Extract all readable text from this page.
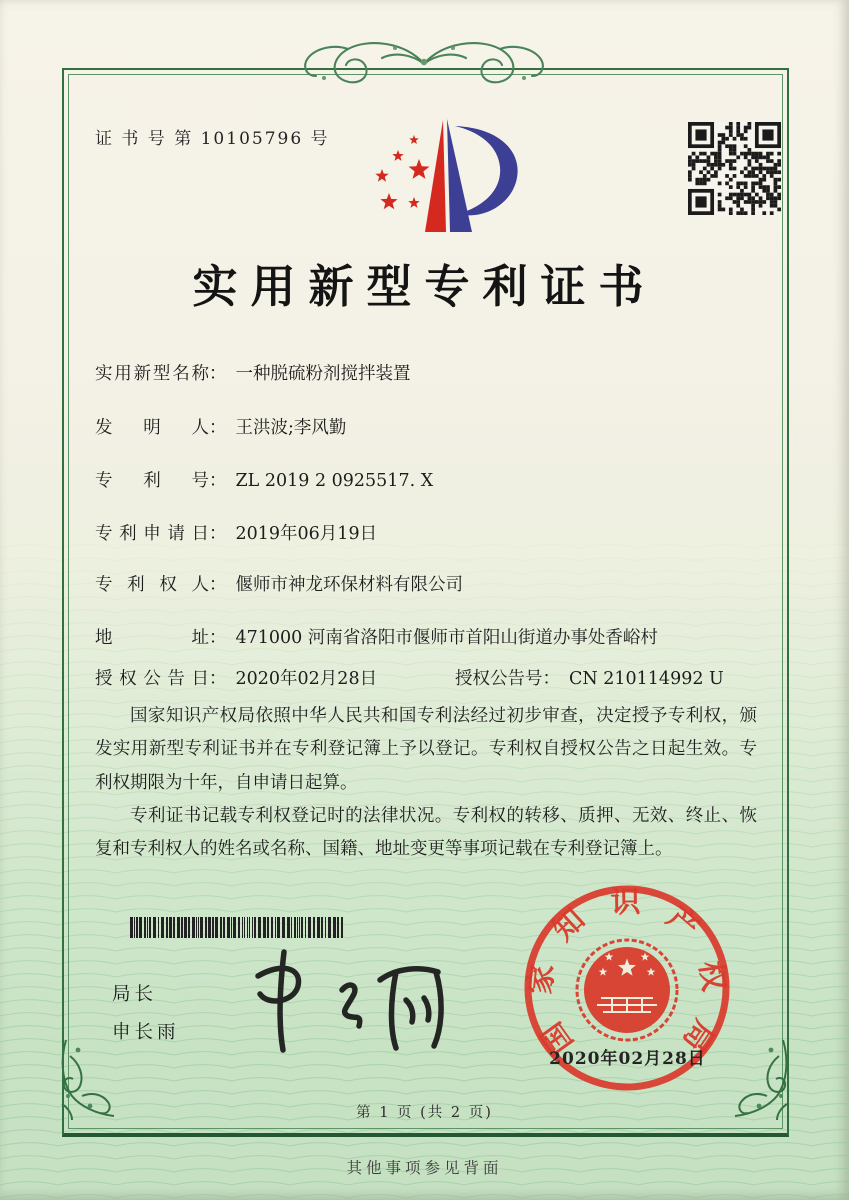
证 书 号 第 10105796 号
实用新型专利证书
实用新型名称 ： 一种脱硫粉剂搅拌装置
发明人 ： 王洪波;李风勤
专利号 ： ZL 2019 2 0925517. X
专利申请日 ： 2019年06月19日
专利权人 ： 偃师市神龙环保材料有限公司
地址 ： 471000 河南省洛阳市偃师市首阳山街道办事处香峪村
授权公告日 ： 2020年02月28日	授权公告号 ： CN 210114992 U

国家知识产权局依照中华人民共和国专利法经过初步审查，决定授予专利权，颁发实用新型专利证书并在专利登记簿上予以登记。专利权自授权公告之日起生效。专利权期限为十年，自申请日起算。

专利证书记载专利权登记时的法律状况。专利权的转移、质押、无效、终止、恢复和专利权人的姓名或名称、国籍、地址变更等事项记载在专利登记簿上。

局长
申长雨	国家知识产权局
2020年02月28日
第 1 页 (共 2 页)
其他事项参见背面
